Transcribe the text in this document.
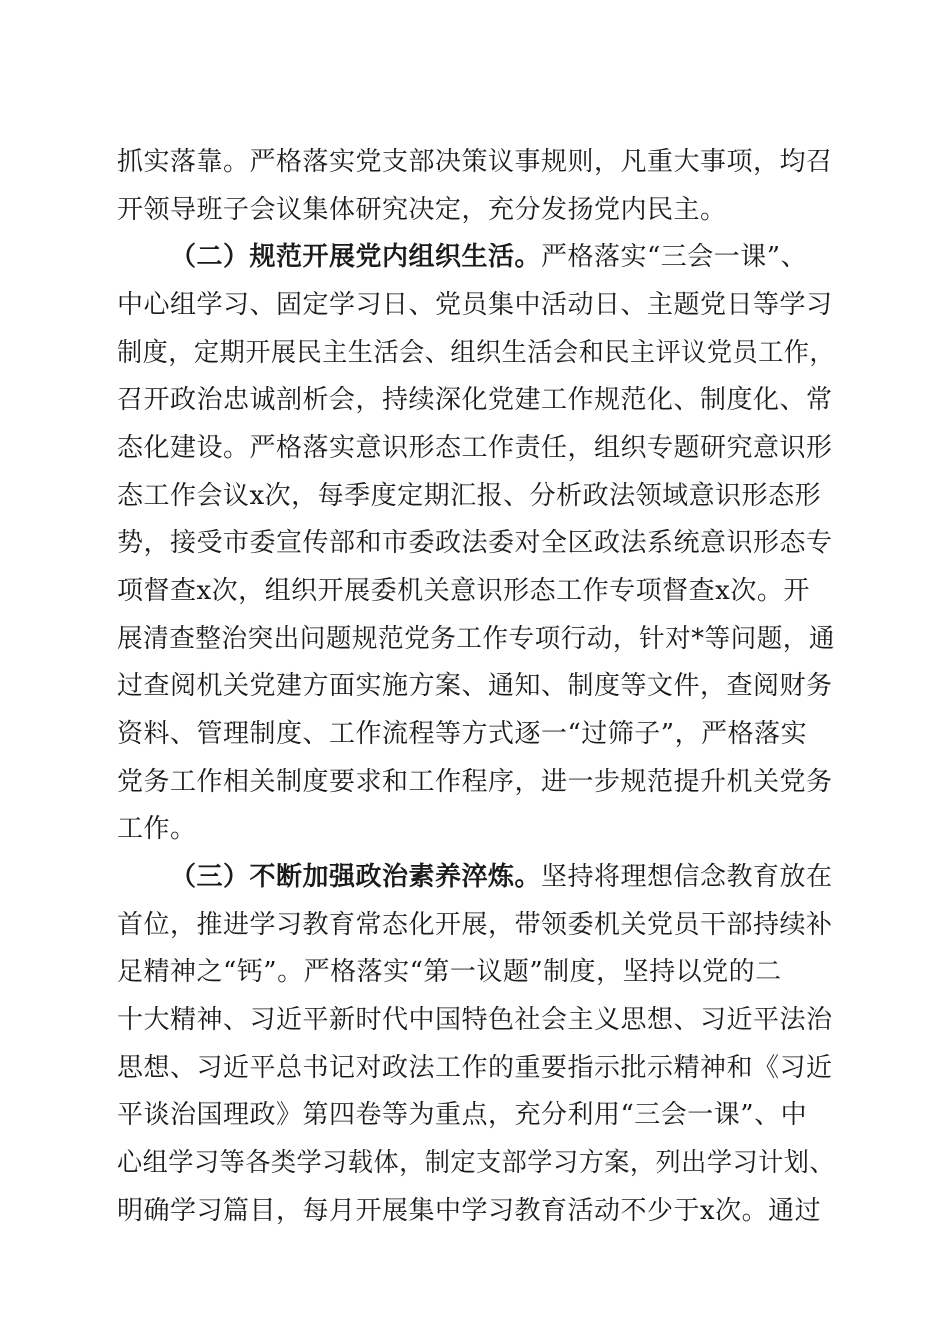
抓实落靠。严格落实党支部决策议事规则，凡重大事项，均召

开领导班子会议集体研究决定，充分发扬党内民主。

（二）规范开展党内组织生活。严格落实“三会一课”、

中心组学习、固定学习日、党员集中活动日、主题党日等学习

制度，定期开展民主生活会、组织生活会和民主评议党员工作，

召开政治忠诚剖析会，持续深化党建工作规范化、制度化、常

态化建设。严格落实意识形态工作责任，组织专题研究意识形

态工作会议x次，每季度定期汇报、分析政法领域意识形态形

势，接受市委宣传部和市委政法委对全区政法系统意识形态专

项督查x次，组织开展委机关意识形态工作专项督查x次。开

展清查整治突出问题规范党务工作专项行动，针对*等问题，通

过查阅机关党建方面实施方案、通知、制度等文件，查阅财务

资料、管理制度、工作流程等方式逐一“过筛子”，严格落实

党务工作相关制度要求和工作程序，进一步规范提升机关党务

工作。

（三）不断加强政治素养淬炼。坚持将理想信念教育放在

首位，推进学习教育常态化开展，带领委机关党员干部持续补

足精神之“钙”。严格落实“第一议题”制度，坚持以党的二

十大精神、习近平新时代中国特色社会主义思想、习近平法治

思想、习近平总书记对政法工作的重要指示批示精神和《习近

平谈治国理政》第四卷等为重点，充分利用“三会一课”、中

心组学习等各类学习载体，制定支部学习方案，列出学习计划、

明确学习篇目，每月开展集中学习教育活动不少于x次。通过
